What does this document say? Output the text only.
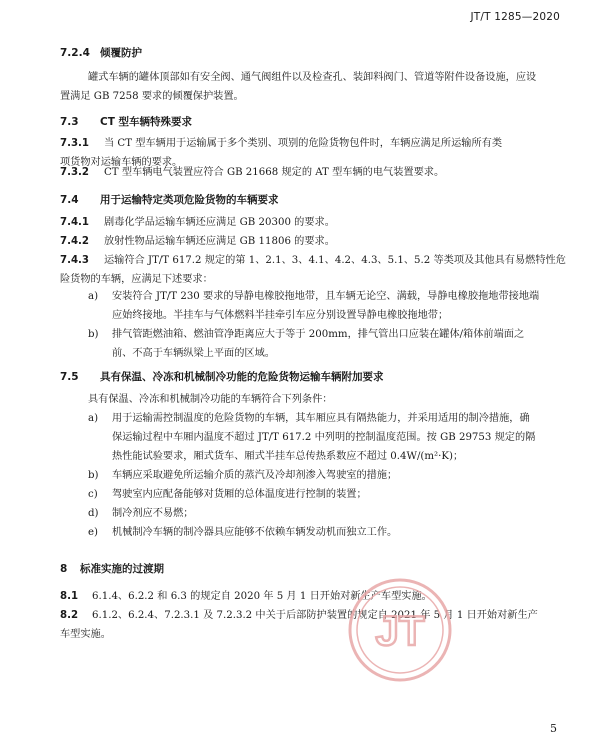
JT/T 1285—2020
7.2.4 倾覆防护
罐式车辆的罐体顶部如有安全阀、通气阀组件以及检查孔、装卸料阀门、管道等附件设备设施，应设
置满足 GB 7258 要求的倾覆保护装置。
7.3 CT 型车辆特殊要求
7.3.1 当 CT 型车辆用于运输属于多个类别、项别的危险货物包件时，车辆应满足所运输所有类
项货物对运输车辆的要求。
7.3.2 CT 型车辆电气装置应符合 GB 21668 规定的 AT 型车辆的电气装置要求。
7.4 用于运输特定类项危险货物的车辆要求
7.4.1 剧毒化学品运输车辆还应满足 GB 20300 的要求。
7.4.2 放射性物品运输车辆还应满足 GB 11806 的要求。
7.4.3 运输符合 JT/T 617.2 规定的第 1、2.1、3、4.1、4.2、4.3、5.1、5.2 等类项及其他具有易燃特性危
险货物的车辆，应满足下述要求：
a) 安装符合 JT/T 230 要求的导静电橡胶拖地带，且车辆无论空、满载，导静电橡胶拖地带接地端
应始终接地。半挂车与气体燃料半挂牵引车应分别设置导静电橡胶拖地带；
b) 排气管距燃油箱、燃油管净距离应大于等于 200mm，排气管出口应装在罐体/箱体前端面之
前、不高于车辆纵梁上平面的区域。
7.5 具有保温、冷冻和机械制冷功能的危险货物运输车辆附加要求
具有保温、冷冻和机械制冷功能的车辆符合下列条件：
a) 用于运输需控制温度的危险货物的车辆，其车厢应具有隔热能力，并采用适用的制冷措施，确
保运输过程中车厢内温度不超过 JT/T 617.2 中列明的控制温度范围。按 GB 29753 规定的隔
热性能试验要求，厢式货车、厢式半挂车总传热系数应不超过 0.4W/(m²·K)；
b) 车辆应采取避免所运输介质的蒸汽及冷却剂渗入驾驶室的措施；
c) 驾驶室内应配备能够对货厢的总体温度进行控制的装置；
d) 制冷剂应不易燃；
e) 机械制冷车辆的制冷器具应能够不依赖车辆发动机而独立工作。
8 标准实施的过渡期
8.1 6.1.4、6.2.2 和 6.3 的规定自 2020 年 5 月 1 日开始对新生产车型实施。
8.2 6.1.2、6.2.4、7.2.3.1 及 7.2.3.2 中关于后部防护装置的规定自 2021 年 5 月 1 日开始对新生产
车型实施。	JT
5
